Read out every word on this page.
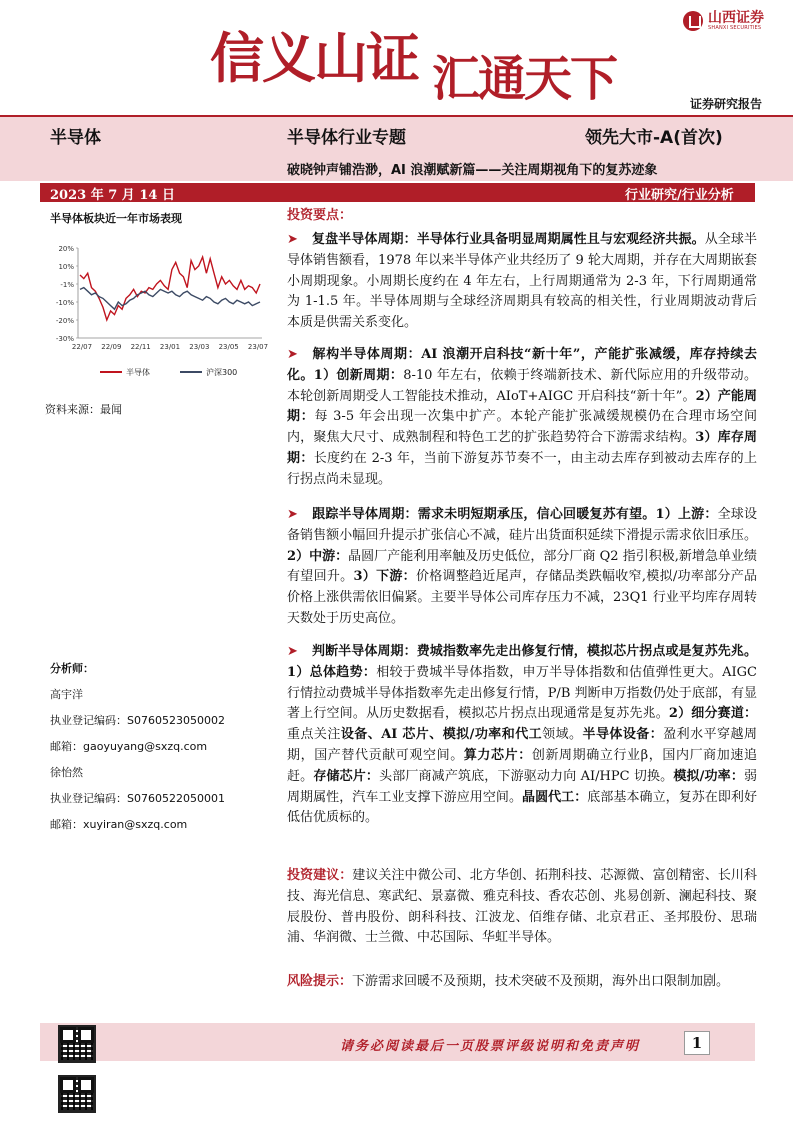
信义山证 汇通天下
山西证券
SHANXI SECURITIES
证券研究报告
半导体	半导体行业专题	领先大市-A(首次)
破晓钟声铺浩渺，AI 浪潮赋新篇——关注周期视角下的复苏迹象
2023 年 7 月 14 日	行业研究/行业分析
半导体板块近一年市场表现
20%
10%
-1%
-10%
-20%
-30%
22/07 22/09 22/11 23/01 23/03 23/05 23/07
半导体	沪深300
资料来源：最闻
分析师：
高宇洋
执业登记编码：S0760523050002
邮箱：gaoyuyang@sxzq.com
徐怡然
执业登记编码：S0760522050001
邮箱：xuyiran@sxzq.com
投资要点：
➤ 复盘半导体周期：半导体行业具备明显周期属性且与宏观经济共振。从全球半导体销售额看，1978 年以来半导体产业共经历了 9 轮大周期，并存在大周期嵌套小周期现象。小周期长度约在 4 年左右，上行周期通常为 2-3 年，下行周期通常为 1-1.5 年。半导体周期与全球经济周期具有较高的相关性，行业周期波动背后本质是供需关系变化。
➤ 解构半导体周期：AI 浪潮开启科技“新十年”，产能扩张减缓，库存持续去化。1）创新周期：8-10 年左右，依赖于终端新技术、新代际应用的升级带动。本轮创新周期受人工智能技术推动，AIoT+AIGC 开启科技“新十年”。2）产能周期：每 3-5 年会出现一次集中扩产。本轮产能扩张减缓规模仍在合理市场空间内，聚焦大尺寸、成熟制程和特色工艺的扩张趋势符合下游需求结构。3）库存周期：长度约在 2-3 年，当前下游复苏节奏不一，由主动去库存到被动去库存的上行拐点尚未显现。
➤ 跟踪半导体周期：需求未明短期承压，信心回暖复苏有望。1）上游：全球设备销售额小幅回升提示扩张信心不减，硅片出货面积延续下滑提示需求依旧承压。2）中游：晶圆厂产能利用率触及历史低位，部分厂商 Q2 指引积极,新增急单业绩有望回升。3）下游：价格调整趋近尾声，存储品类跌幅收窄,模拟/功率部分产品价格上涨供需依旧偏紧。主要半导体公司库存压力不减，23Q1 行业平均库存周转天数处于历史高位。
➤ 判断半导体周期：费城指数率先走出修复行情，模拟芯片拐点或是复苏先兆。1）总体趋势：相较于费城半导体指数，申万半导体指数和估值弹性更大。AIGC 行情拉动费城半导体指数率先走出修复行情，P/B 判断申万指数仍处于底部，有显著上行空间。从历史数据看，模拟芯片拐点出现通常是复苏先兆。2）细分赛道：重点关注设备、AI 芯片、模拟/功率和代工领域。半导体设备：盈利水平穿越周期，国产替代贡献可观空间。算力芯片：创新周期确立行业β，国内厂商加速追赶。存储芯片：头部厂商减产筑底，下游驱动力向 AI/HPC 切换。模拟/功率：弱周期属性，汽车工业支撑下游应用空间。晶圆代工：底部基本确立，复苏在即利好低估优质标的。
投资建议：建议关注中微公司、北方华创、拓荆科技、芯源微、富创精密、长川科技、海光信息、寒武纪、景嘉微、雅克科技、香农芯创、兆易创新、澜起科技、聚辰股份、普冉股份、朗科科技、江波龙、佰维存储、北京君正、圣邦股份、思瑞浦、华润微、士兰微、中芯国际、华虹半导体。
风险提示：下游需求回暖不及预期，技术突破不及预期，海外出口限制加剧。
请务必阅读最后一页股票评级说明和免责声明	1
